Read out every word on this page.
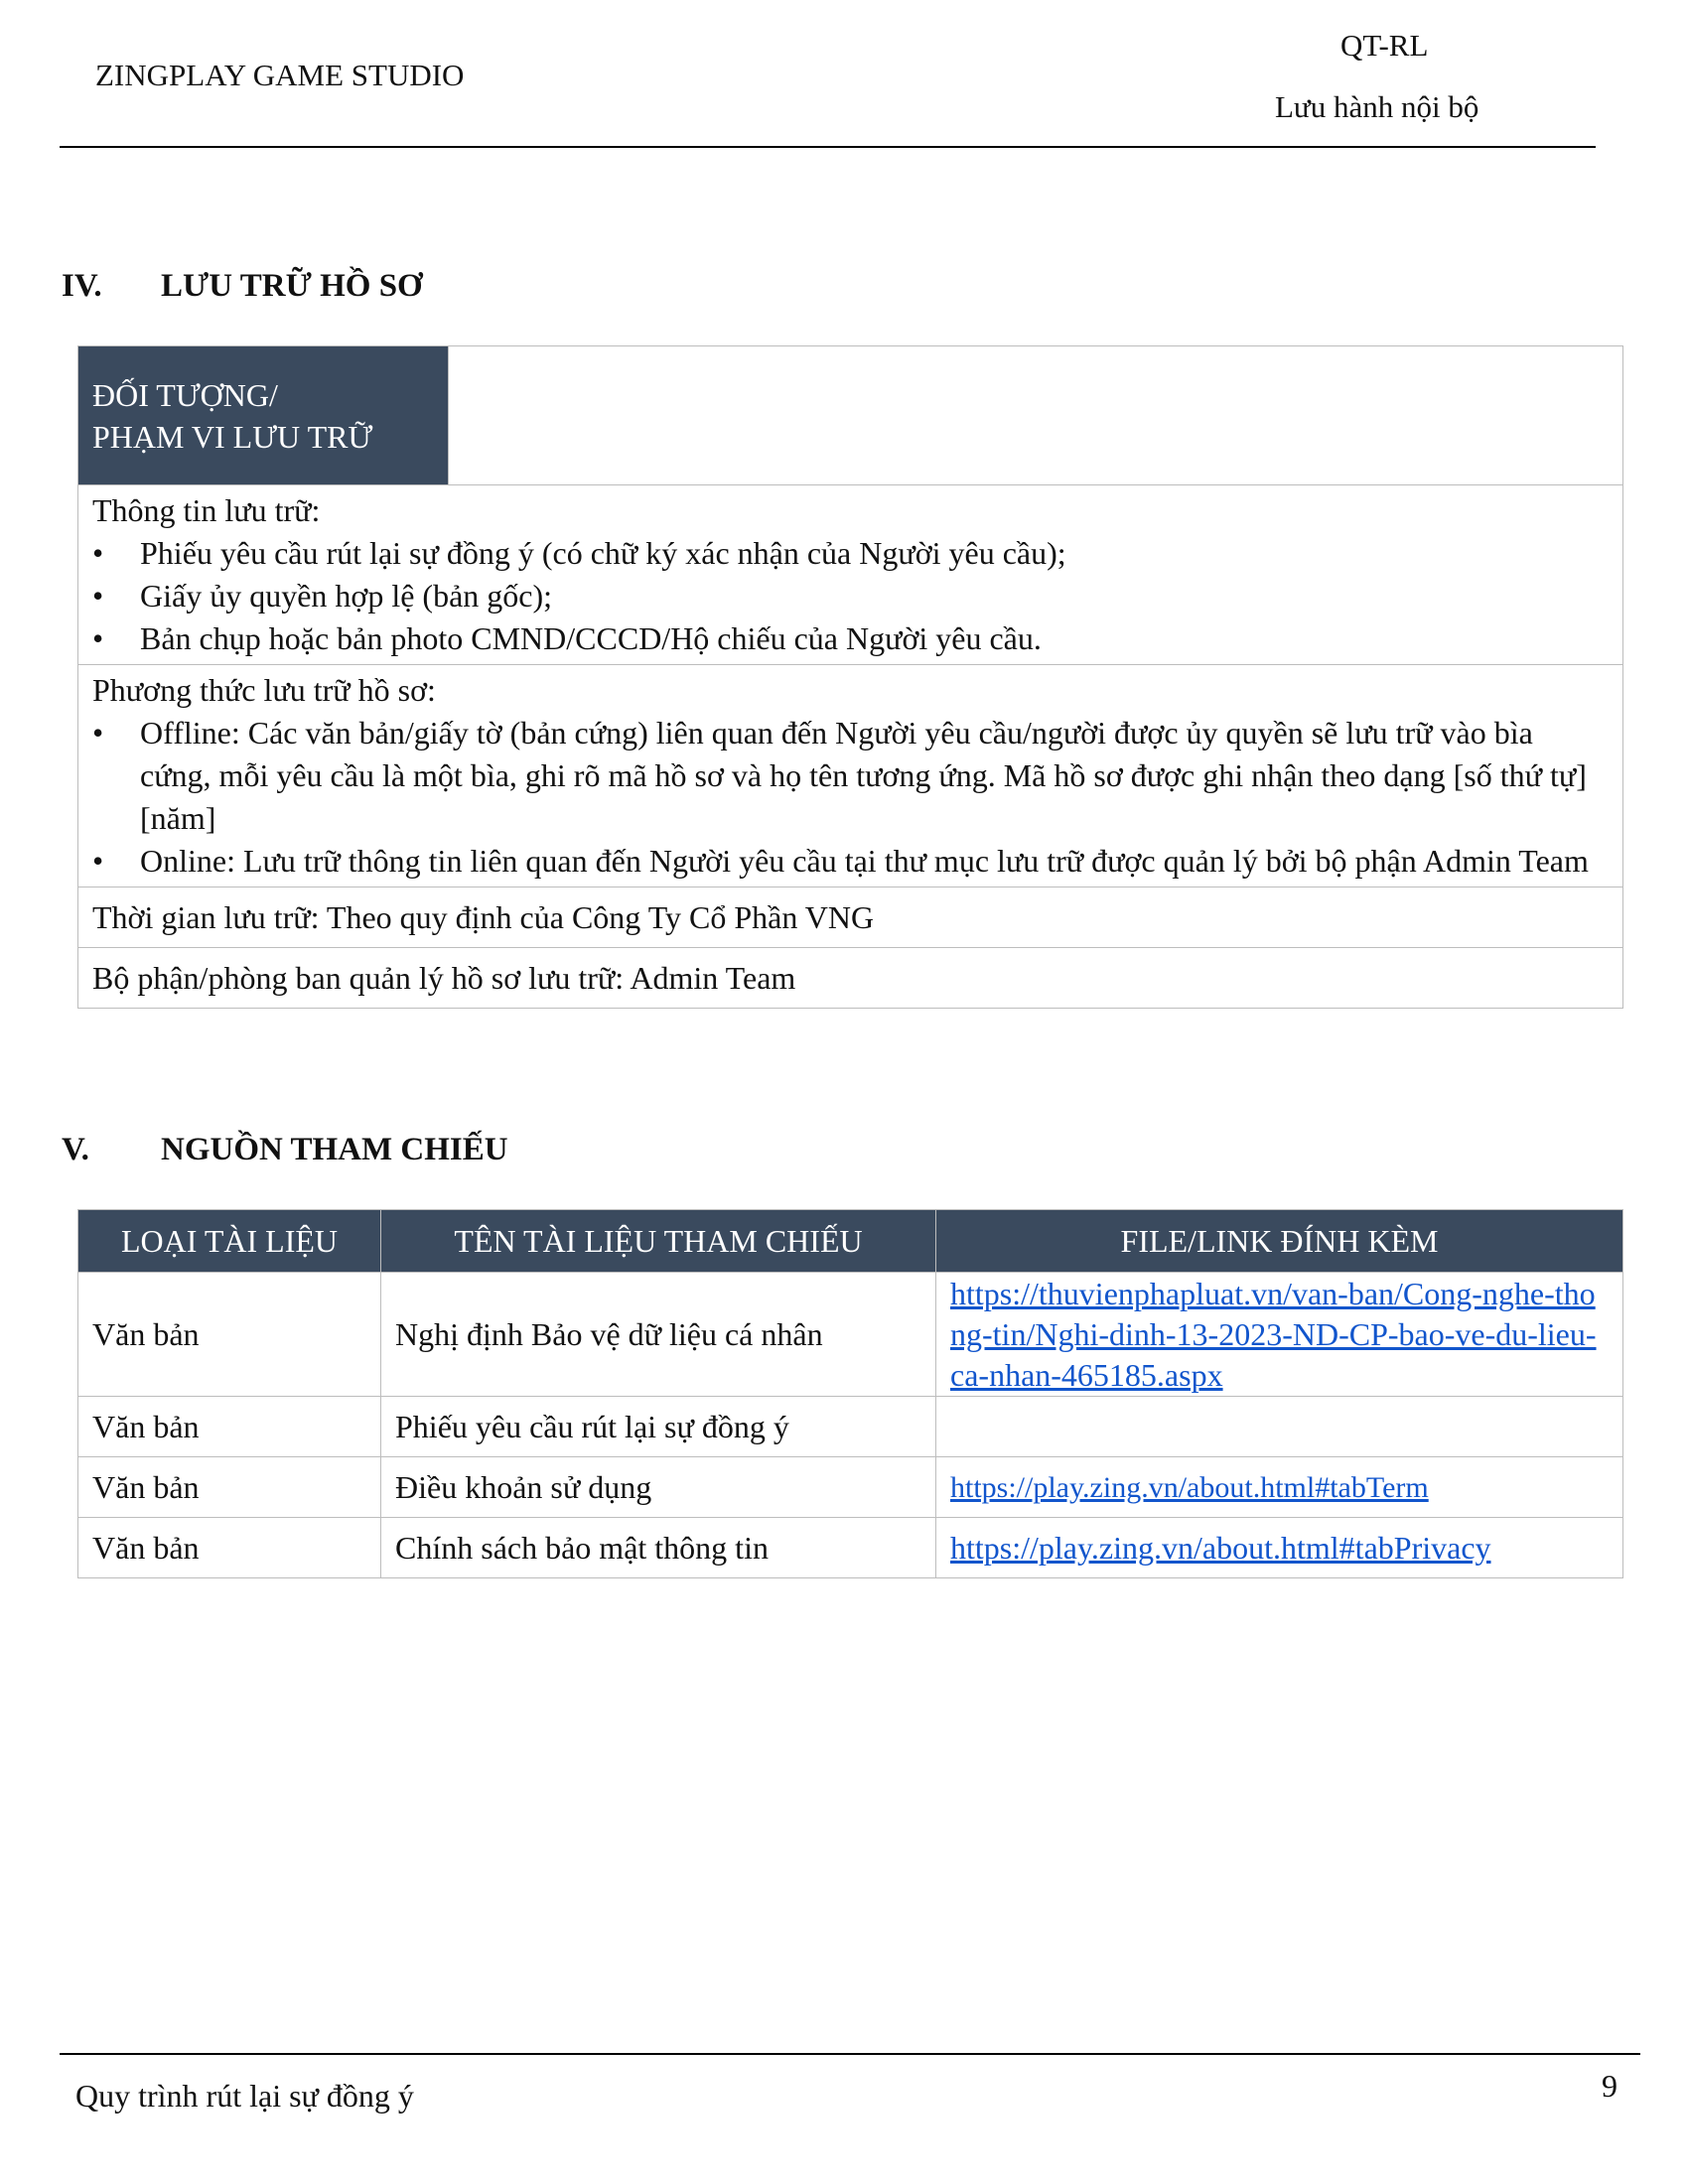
ZINGPLAY GAME STUDIO
QT-RL
Lưu hành nội bộ
IV. LƯU TRỮ HỒ SƠ
ĐỐI TƯỢNG/
PHẠM VI LƯU TRỮ
Thông tin lưu trữ:
• Phiếu yêu cầu rút lại sự đồng ý (có chữ ký xác nhận của Người yêu cầu);
• Giấy ủy quyền hợp lệ (bản gốc);
• Bản chụp hoặc bản photo CMND/CCCD/Hộ chiếu của Người yêu cầu.
Phương thức lưu trữ hồ sơ:
• Offline: Các văn bản/giấy tờ (bản cứng) liên quan đến Người yêu cầu/người được ủy quyền sẽ lưu trữ vào bìa cứng, mỗi yêu cầu là một bìa, ghi rõ mã hồ sơ và họ tên tương ứng. Mã hồ sơ được ghi nhận theo dạng [số thứ tự] [năm]
• Online: Lưu trữ thông tin liên quan đến Người yêu cầu tại thư mục lưu trữ được quản lý bởi bộ phận Admin Team
Thời gian lưu trữ: Theo quy định của Công Ty Cổ Phần VNG
Bộ phận/phòng ban quản lý hồ sơ lưu trữ: Admin Team
V. NGUỒN THAM CHIẾU
LOẠI TÀI LIỆU	TÊN TÀI LIỆU THAM CHIẾU	FILE/LINK ĐÍNH KÈM
Văn bản	Nghị định Bảo vệ dữ liệu cá nhân	https://thuvienphapluat.vn/van-ban/Cong-nghe-thong-tin/Nghi-dinh-13-2023-ND-CP-bao-ve-du-lieu-ca-nhan-465185.aspx
Văn bản	Phiếu yêu cầu rút lại sự đồng ý	
Văn bản	Điều khoản sử dụng	https://play.zing.vn/about.html#tabTerm
Văn bản	Chính sách bảo mật thông tin	https://play.zing.vn/about.html#tabPrivacy
Quy trình rút lại sự đồng ý	9
